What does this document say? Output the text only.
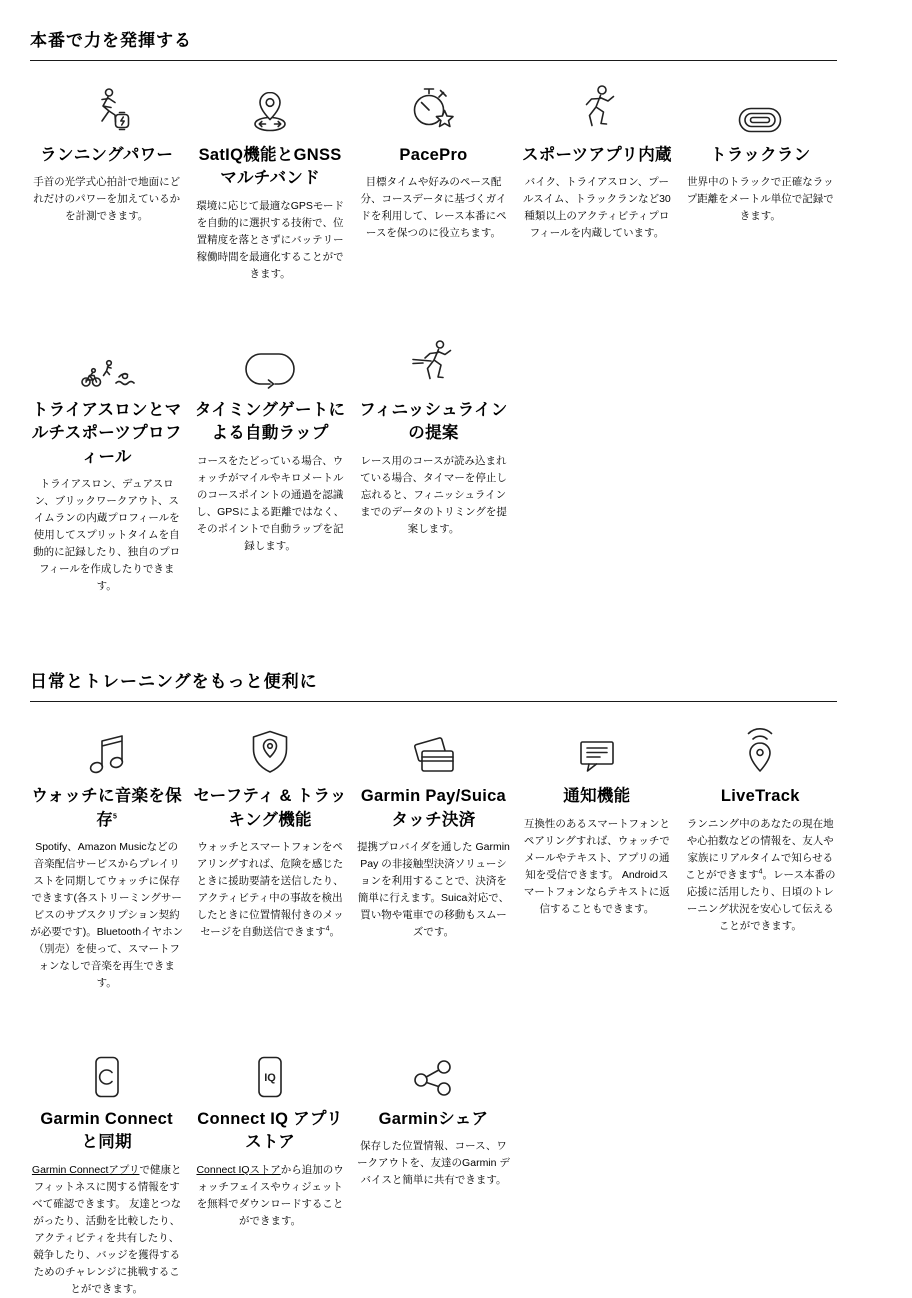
本番で力を発揮する
ランニングパワー

手首の光学式心拍計で地面にどれだけのパワーを加えているかを計測できます。

SatIQ機能とGNSSマルチバンド

環境に応じて最適なGPSモードを自動的に選択する技術で、位置精度を落とさずにバッテリー稼働時間を最適化することができます。

PacePro

目標タイムや好みのペース配分、コースデータに基づくガイドを利用して、レース本番にペースを保つのに役立ちます。

スポーツアプリ内蔵

バイク、トライアスロン、プールスイム、トラックランなど30種類以上のアクティビティプロフィールを内蔵しています。

トラックラン

世界中のトラックで正確なラップ距離をメートル単位で記録できます。

トライアスロンとマルチスポーツプロフィール

トライアスロン、デュアスロン、ブリックワークアウト、スイムランの内蔵プロフィールを使用してスプリットタイムを自動的に記録したり、独自のプロフィールを作成したりできます。

タイミングゲートによる自動ラップ

コースをたどっている場合、ウォッチがマイルやキロメートルのコースポイントの通過を認識し、GPSによる距離ではなく、そのポイントで自動ラップを記録します。

フィニッシュラインの提案

レース用のコースが読み込まれている場合、タイマーを停止し忘れると、フィニッシュラインまでのデータのトリミングを提案します。

日常とトレーニングをもっと便利に
ウォッチに音楽を保存$^5$

Spotify、Amazon Musicなどの音楽配信サービスからプレイリストを同期してウォッチに保存できます(各ストリーミングサービスのサブスクリプション契約が必要です)。Bluetoothイヤホン（別売）を使って、スマートフォンなしで音楽を再生できます。

セーフティ & トラッキング機能

ウォッチとスマートフォンをペアリングすれば、危険を感じたときに援助要請を送信したり、アクティビティ中の事故を検出したときに位置情報付きのメッセージを自動送信できます$^4$。

Garmin Pay/Suica タッチ決済

提携プロバイダを通した Garmin Pay の非接触型決済ソリューションを利用することで、決済を簡単に行えます。Suica対応で、買い物や電車での移動もスムーズです。

通知機能

互換性のあるスマートフォンとペアリングすれば、ウォッチでメールやテキスト、アプリの通知を受信できます。 Androidスマートフォンならテキストに返信することもできます。

LiveTrack

ランニング中のあなたの現在地や心拍数などの情報を、友人や家族にリアルタイムで知らせることができます$^4$。レース本番の応援に活用したり、日頃のトレーニング状況を安心して伝えることができます。

Garmin Connect と同期

Garmin Connectアプリで健康とフィットネスに関する情報をすべて確認できます。 友達とつながったり、活動を比較したり、アクティビティを共有したり、競争したり、バッジを獲得するためのチャレンジに挑戦することができます。

IQ
Connect IQ アプリストア

Connect IQストアから追加のウォッチフェイスやウィジェットを無料でダウンロードすることができます。

Garminシェア

保存した位置情報、コース、ワークアウトを、友達のGarmin デバイスと簡単に共有できます。
